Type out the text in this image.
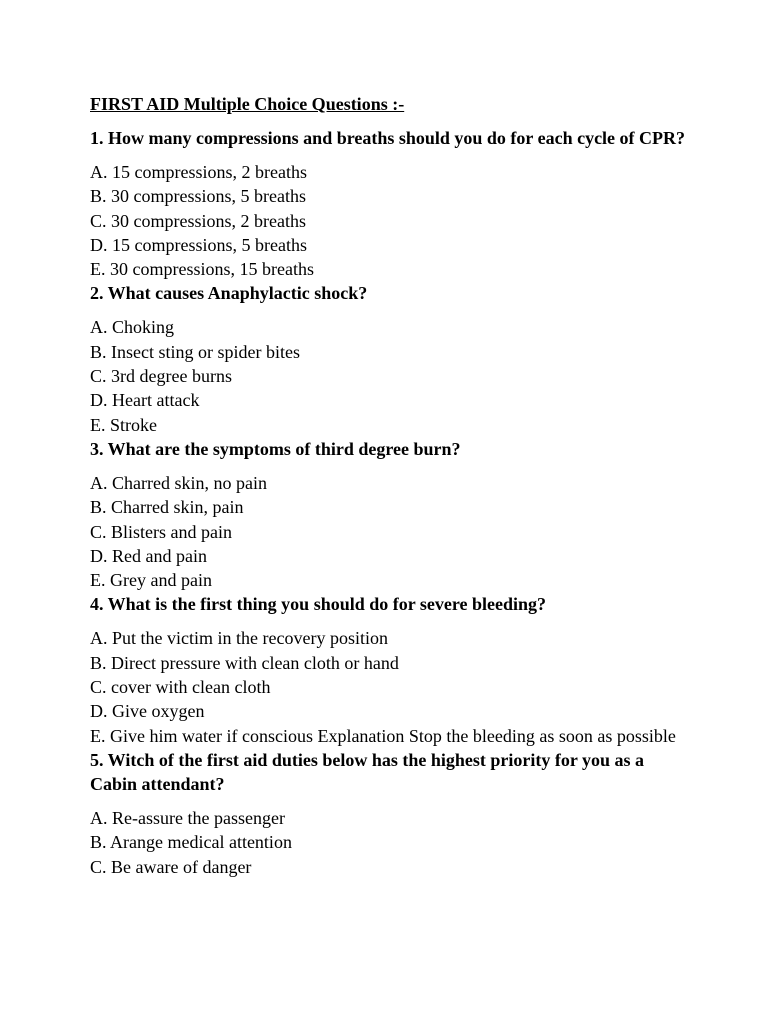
FIRST AID Multiple Choice Questions :-
1. How many compressions and breaths should you do for each cycle of CPR?
A. 15 compressions, 2 breaths
B. 30 compressions, 5 breaths
C. 30 compressions, 2 breaths
D. 15 compressions, 5 breaths
E. 30 compressions, 15 breaths
2. What causes Anaphylactic shock?
A. Choking
B. Insect sting or spider bites
C. 3rd degree burns
D. Heart attack
E. Stroke
3. What are the symptoms of third degree burn?
A. Charred skin, no pain
B. Charred skin, pain
C. Blisters and pain
D. Red and pain
E. Grey and pain
4. What is the first thing you should do for severe bleeding?
A. Put the victim in the recovery position
B. Direct pressure with clean cloth or hand
C. cover with clean cloth
D. Give oxygen
E. Give him water if conscious Explanation Stop the bleeding as soon as possible
5. Witch of the first aid duties below has the highest priority for you as a Cabin attendant?
A. Re-assure the passenger
B. Arange medical attention
C. Be aware of danger
